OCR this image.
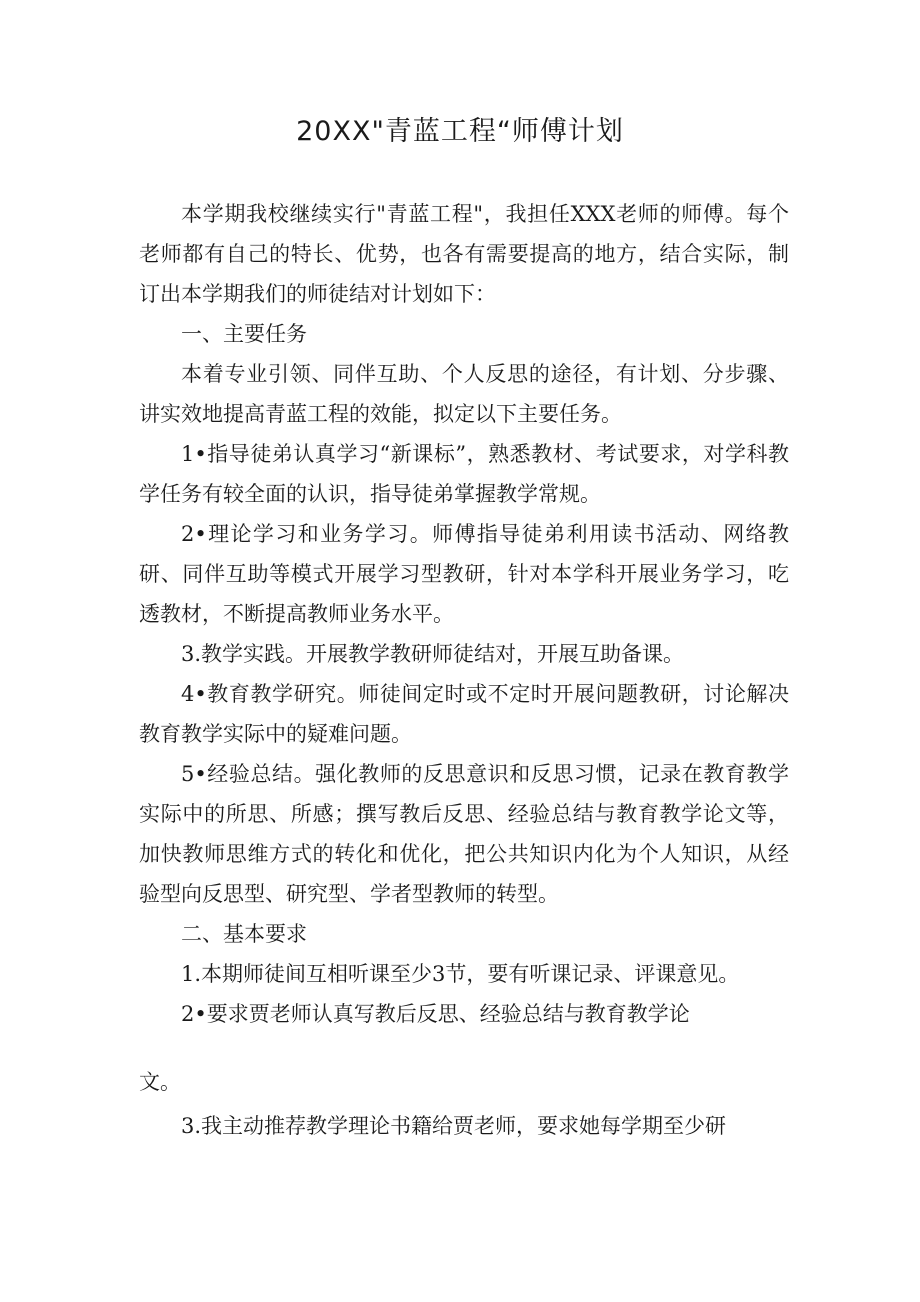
20XX"青蓝工程“师傅计划

本学期我校继续实行"青蓝工程"，我担任XXX老师的师傅。每个老师都有自己的特长、优势，也各有需要提高的地方，结合实际，制订出本学期我们的师徒结对计划如下：

一、主要任务

本着专业引领、同伴互助、个人反思的途径，有计划、分步骤、讲实效地提高青蓝工程的效能，拟定以下主要任务。

1•指导徒弟认真学习“新课标”，熟悉教材、考试要求，对学科教学任务有较全面的认识，指导徒弟掌握教学常规。

2•理论学习和业务学习。师傅指导徒弟利用读书活动、网络教研、同伴互助等模式开展学习型教研，针对本学科开展业务学习，吃透教材，不断提高教师业务水平。

3.教学实践。开展教学教研师徒结对，开展互助备课。

4•教育教学研究。师徒间定时或不定时开展问题教研，讨论解决教育教学实际中的疑难问题。

5•经验总结。强化教师的反思意识和反思习惯，记录在教育教学实际中的所思、所感；撰写教后反思、经验总结与教育教学论文等，加快教师思维方式的转化和优化，把公共知识内化为个人知识，从经验型向反思型、研究型、学者型教师的转型。

二、基本要求

1.本期师徒间互相听课至少3节，要有听课记录、评课意见。

2•要求贾老师认真写教后反思、经验总结与教育教学论

文。

3.我主动推荐教学理论书籍给贾老师，要求她每学期至少研
